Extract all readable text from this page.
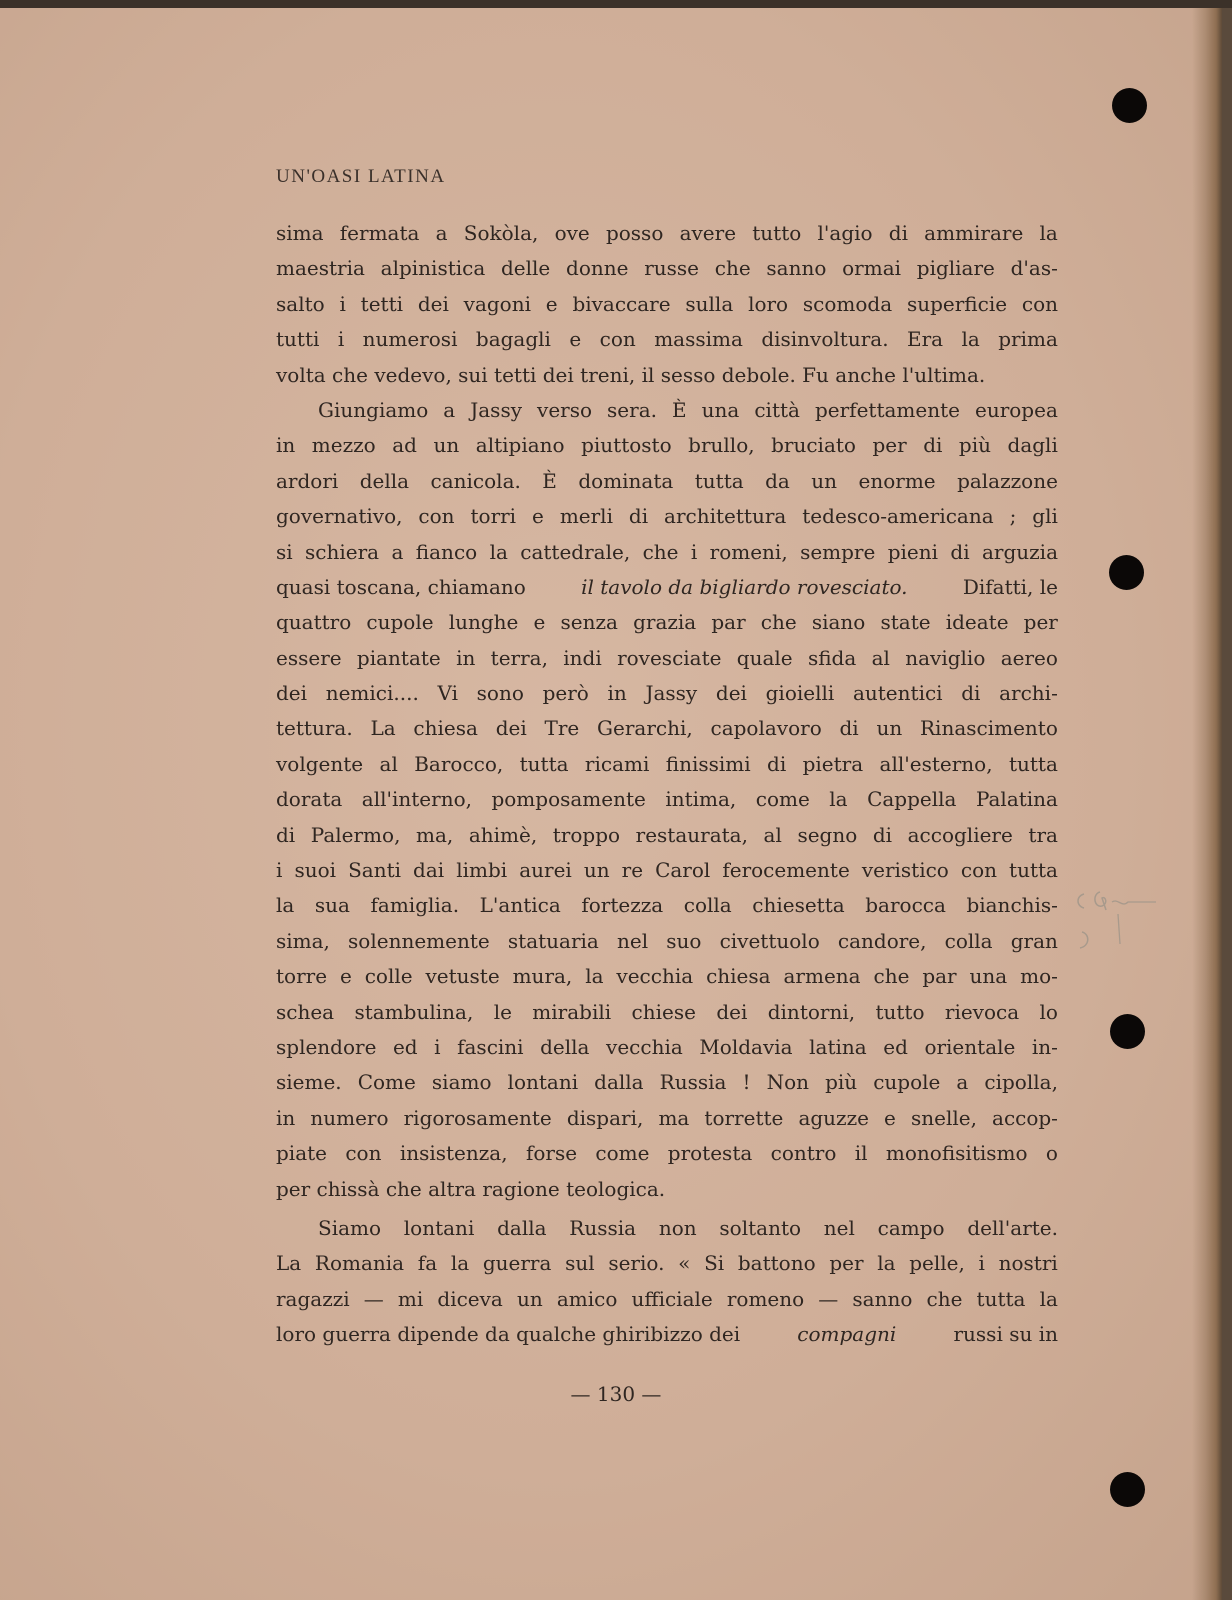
UN'OASI LATINA
sima fermata a Sokòla, ove posso avere tutto l'agio di ammirare la
maestria alpinistica delle donne russe che sanno ormai pigliare d'as-
salto i tetti dei vagoni e bivaccare sulla loro scomoda superficie con
tutti i numerosi bagagli e con massima disinvoltura. Era la prima
volta che vedevo, sui tetti dei treni, il sesso debole. Fu anche l'ultima.
Giungiamo a Jassy verso sera. È una città perfettamente europea
in mezzo ad un altipiano piuttosto brullo, bruciato per di più dagli
ardori della canicola. È dominata tutta da un enorme palazzone
governativo, con torri e merli di architettura tedesco-americana ; gli
si schiera a fianco la cattedrale, che i romeni, sempre pieni di arguzia
quasi toscana, chiamano	il tavolo da bigliardo rovesciato.	Difatti, le
quattro cupole lunghe e senza grazia par che siano state ideate per
essere piantate in terra, indi rovesciate quale sfida al naviglio aereo
dei nemici.... Vi sono però in Jassy dei gioielli autentici di archi-
tettura. La chiesa dei Tre Gerarchi, capolavoro di un Rinascimento
volgente al Barocco, tutta ricami finissimi di pietra all'esterno, tutta
dorata all'interno, pomposamente intima, come la Cappella Palatina
di Palermo, ma, ahimè, troppo restaurata, al segno di accogliere tra
i suoi Santi dai limbi aurei un re Carol ferocemente veristico con tutta
la sua famiglia. L'antica fortezza colla chiesetta barocca bianchis-
sima, solennemente statuaria nel suo civettuolo candore, colla gran
torre e colle vetuste mura, la vecchia chiesa armena che par una mo-
schea stambulina, le mirabili chiese dei dintorni, tutto rievoca lo
splendore ed i fascini della vecchia Moldavia latina ed orientale in-
sieme. Come siamo lontani dalla Russia ! Non più cupole a cipolla,
in numero rigorosamente dispari, ma torrette aguzze e snelle, accop-
piate con insistenza, forse come protesta contro il monofisitismo o
per chissà che altra ragione teologica.
Siamo lontani dalla Russia non soltanto nel campo dell'arte.
La Romania fa la guerra sul serio. « Si battono per la pelle, i nostri
ragazzi — mi diceva un amico ufficiale romeno — sanno che tutta la
loro guerra dipende da qualche ghiribizzo dei	compagni	russi su in
— 130 —
